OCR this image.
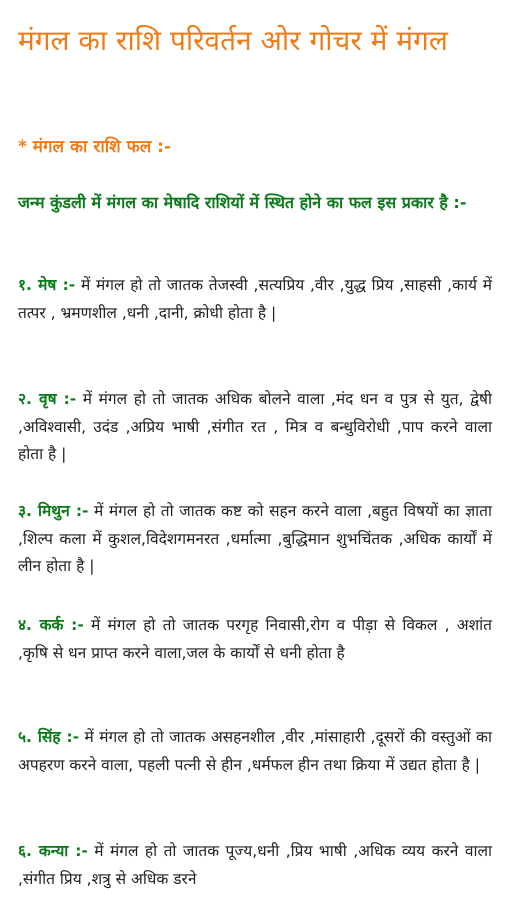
मंगल का राशि परिवर्तन ओर गोचर में मंगल
* मंगल का राशि फल :-
जन्म कुंडली में मंगल का मेषादि राशियों में स्थित होने का फल इस प्रकार है :-

१. मेष :- में मंगल हो तो जातक तेजस्वी ,सत्यप्रिय ,वीर ,युद्ध प्रिय ,साहसी ,कार्य में तत्पर , भ्रमणशील ,धनी ,दानी, क्रोधी होता है |

२. वृष :- में मंगल हो तो जातक अधिक बोलने वाला ,मंद धन व पुत्र से युत, द्वेषी ,अविश्वासी, उदंड ,अप्रिय भाषी ,संगीत रत , मित्र व बन्धुविरोधी ,पाप करने वाला होता है |

३. मिथुन :- में मंगल हो तो जातक कष्ट को सहन करने वाला ,बहुत विषयों का ज्ञाता ,शिल्प कला में कुशल,विदेशगमनरत ,धर्मात्मा ,बुद्धिमान शुभचिंतक ,अधिक कार्यों में लीन होता है |

४. कर्क :- में मंगल हो तो जातक परगृह निवासी,रोग व पीड़ा से विकल , अशांत ,कृषि से धन प्राप्त करने वाला,जल के कार्यों से धनी होता है

५. सिंह :- में मंगल हो तो जातक असहनशील ,वीर ,मांसाहारी ,दूसरों की वस्तुओं का अपहरण करने वाला, पहली पत्नी से हीन ,धर्मफल हीन तथा क्रिया में उद्यत होता है |

६. कन्या :- में मंगल हो तो जातक पूज्य,धनी ,प्रिय भाषी ,अधिक व्यय करने वाला ,संगीत प्रिय ,शत्रु से अधिक डरने
